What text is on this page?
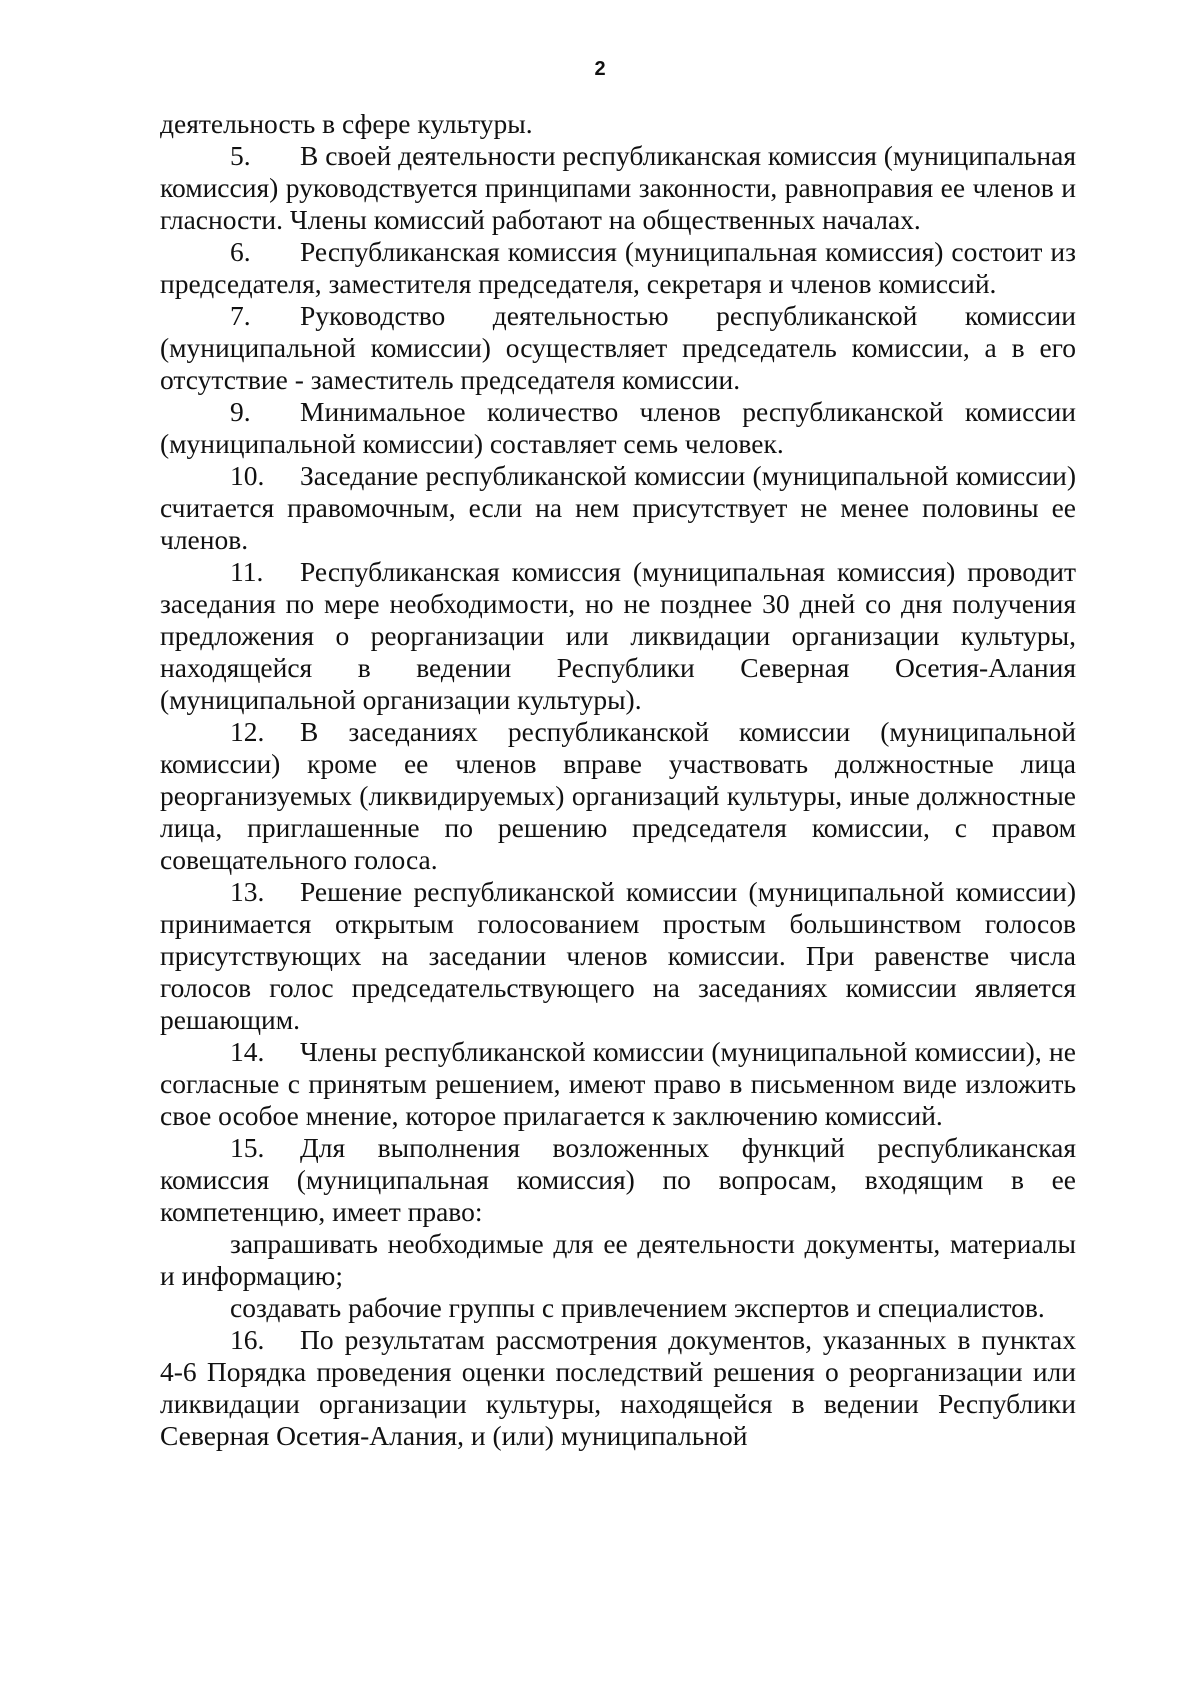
2

деятельность в сфере культуры.

5. В своей деятельности республиканская комиссия (муниципальная комиссия) руководствуется принципами законности, равноправия ее членов и гласности. Члены комиссий работают на общественных началах.

6. Республиканская комиссия (муниципальная комиссия) состоит из председателя, заместителя председателя, секретаря и членов комиссий.

7. Руководство деятельностью республиканской комиссии (муниципальной комиссии) осуществляет председатель комиссии, а в его отсутствие - заместитель председателя комиссии.

9. Минимальное количество членов республиканской комиссии (муниципальной комиссии) составляет семь человек.

10. Заседание республиканской комиссии (муниципальной комиссии) считается правомочным, если на нем присутствует не менее половины ее членов.

11. Республиканская комиссия (муниципальная комиссия) проводит заседания по мере необходимости, но не позднее 30 дней со дня получения предложения о реорганизации или ликвидации организации культуры, находящейся в ведении Республики Северная Осетия-Алания (муниципальной организации культуры).

12. В заседаниях республиканской комиссии (муниципальной комиссии) кроме ее членов вправе участвовать должностные лица реорганизуемых (ликвидируемых) организаций культуры, иные должностные лица, приглашенные по решению председателя комиссии, с правом совещательного голоса.

13. Решение республиканской комиссии (муниципальной комиссии) принимается открытым голосованием простым большинством голосов присутствующих на заседании членов комиссии. При равенстве числа голосов голос председательствующего на заседаниях комиссии является решающим.

14. Члены республиканской комиссии (муниципальной комиссии), не согласные с принятым решением, имеют право в письменном виде изложить свое особое мнение, которое прилагается к заключению комиссий.

15. Для выполнения возложенных функций республиканская комиссия (муниципальная комиссия) по вопросам, входящим в ее компетенцию, имеет право:

запрашивать необходимые для ее деятельности документы, материалы и информацию;

создавать рабочие группы с привлечением экспертов и специалистов.

16. По результатам рассмотрения документов, указанных в пунктах 4-6 Порядка проведения оценки последствий решения о реорганизации или ликвидации организации культуры, находящейся в ведении Республики Северная Осетия-Алания, и (или) муниципальной
